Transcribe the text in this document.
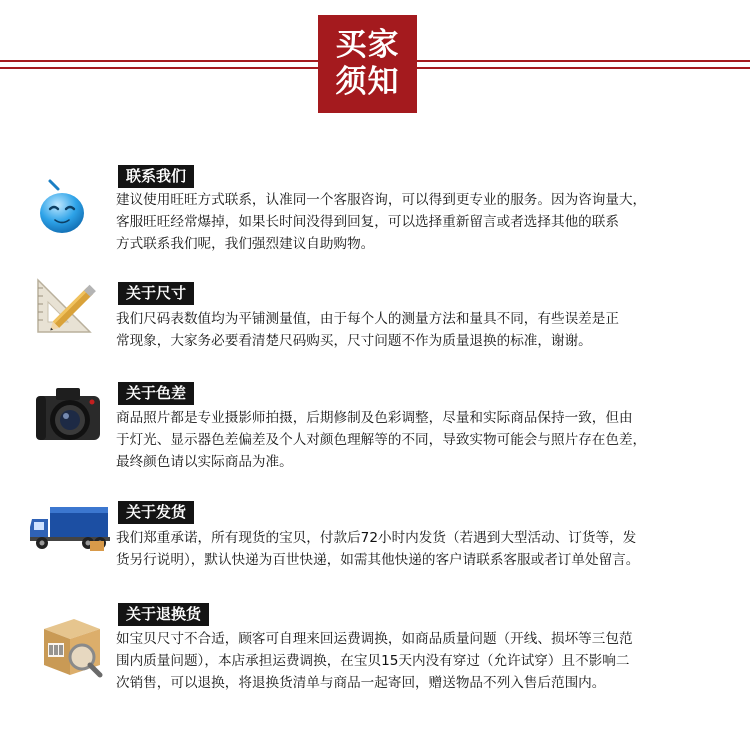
买家
须知
联系我们
建议使用旺旺方式联系，认准同一个客服咨询，可以得到更专业的服务。因为咨询量大，
客服旺旺经常爆掉，如果长时间没得到回复，可以选择重新留言或者选择其他的联系
方式联系我们呢，我们强烈建议自助购物。
关于尺寸
我们尺码表数值均为平铺测量值，由于每个人的测量方法和量具不同，有些误差是正
常现象，大家务必要看清楚尺码购买，尺寸问题不作为质量退换的标准，谢谢。
关于色差
商品照片都是专业摄影师拍摄，后期修制及色彩调整，尽量和实际商品保持一致，但由
于灯光、显示器色差偏差及个人对颜色理解等的不同，导致实物可能会与照片存在色差，
最终颜色请以实际商品为准。
关于发货
我们郑重承诺，所有现货的宝贝，付款后72小时内发货（若遇到大型活动、订货等，发
货另行说明），默认快递为百世快递，如需其他快递的客户请联系客服或者订单处留言。
关于退换货
如宝贝尺寸不合适，顾客可自理来回运费调换，如商品质量问题（开线、损坏等三包范
围内质量问题），本店承担运费调换，在宝贝15天内没有穿过（允许试穿）且不影响二
次销售，可以退换，将退换货清单与商品一起寄回，赠送物品不列入售后范围内。
